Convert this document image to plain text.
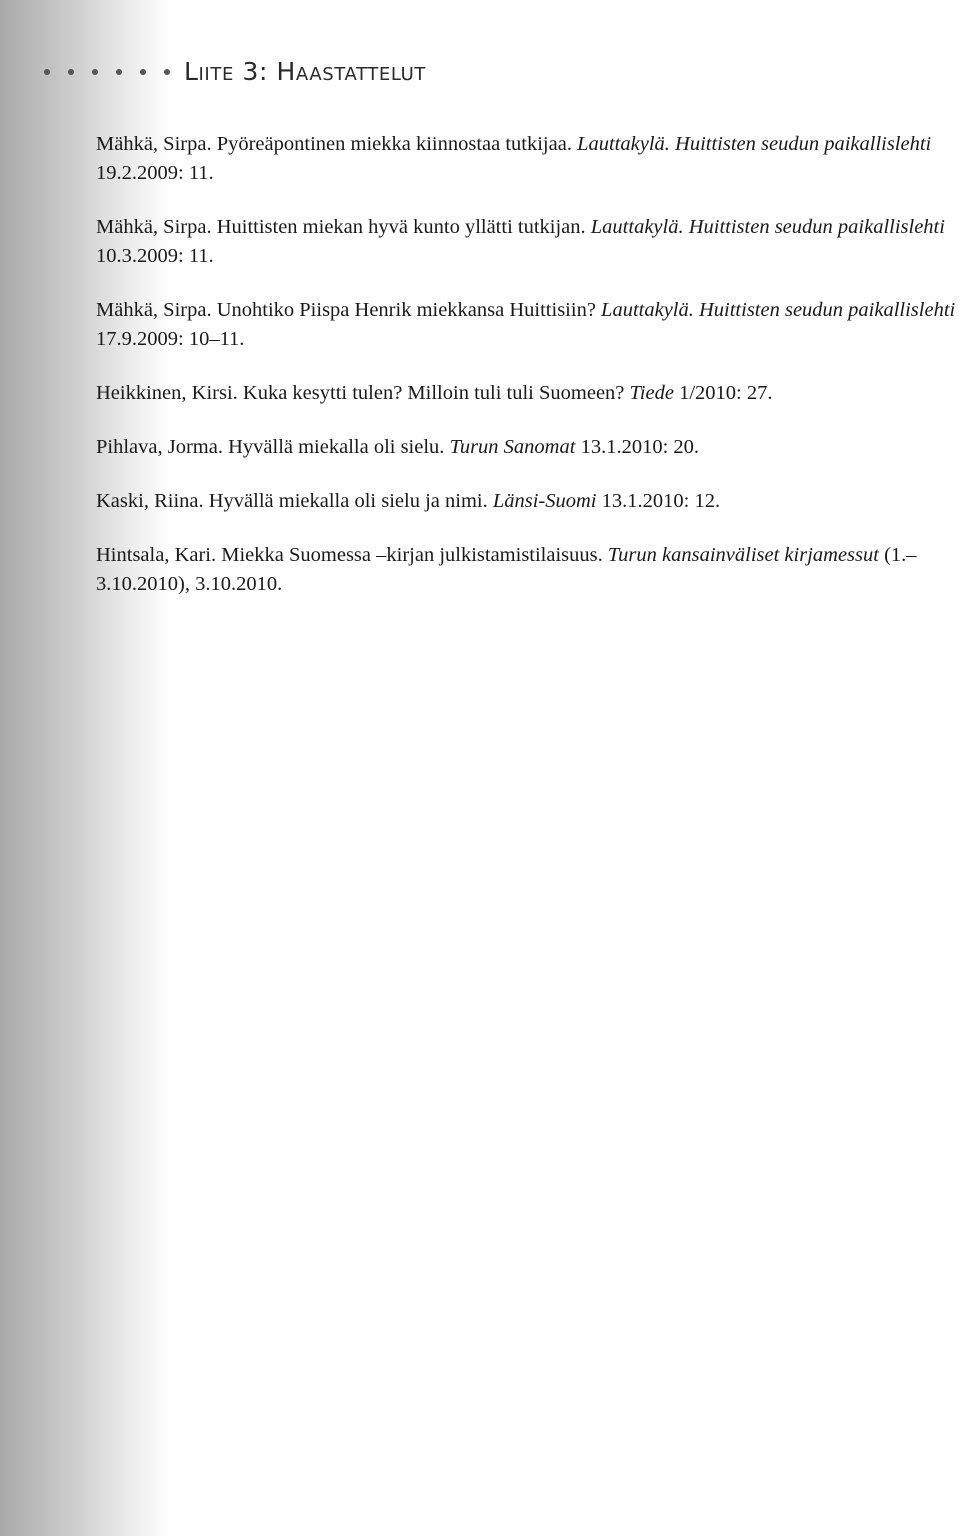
Liite 3: Haastattelut

Mähkä, Sirpa. Pyöreäpontinen miekka kiinnostaa tutkijaa. Lauttakylä. Huittisten seudun paikallislehti 19.2.2009: 11.

Mähkä, Sirpa. Huittisten miekan hyvä kunto yllätti tutkijan. Lauttakylä. Huittisten seudun paikallislehti 10.3.2009: 11.

Mähkä, Sirpa. Unohtiko Piispa Henrik miekkansa Huittisiin? Lauttakylä. Huittisten seudun paikallislehti 17.9.2009: 10–11.

Heikkinen, Kirsi. Kuka kesytti tulen? Milloin tuli tuli Suomeen? Tiede 1/2010: 27.

Pihlava, Jorma. Hyvällä miekalla oli sielu. Turun Sanomat 13.1.2010: 20.

Kaski, Riina. Hyvällä miekalla oli sielu ja nimi. Länsi-Suomi 13.1.2010: 12.

Hintsala, Kari. Miekka Suomessa –kirjan julkistamistilaisuus. Turun kansainväliset kirjamessut (1.–3.10.2010), 3.10.2010.
